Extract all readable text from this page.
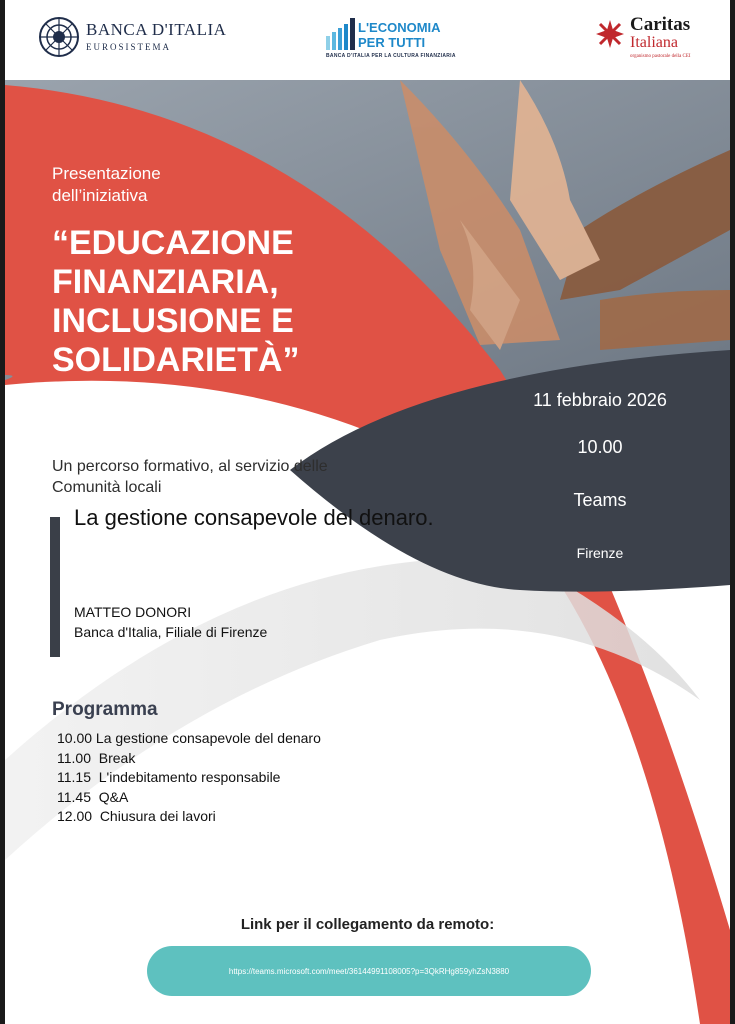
BANCA D'ITALIA
EUROSISTEMA
L'ECONOMIA
PER TUTTI
BANCA D'ITALIA PER LA CULTURA FINANZIARIA
Caritas
Italiana
organismo pastorale della CEI

Presentazione dell’iniziativa

“EDUCAZIONE FINANZIARIA, INCLUSIONE E SOLIDARIETÀ”
11 febbraio 2026
10.00
Teams
Firenze

Un percorso formativo, al servizio delle Comunità locali

La gestione consapevole del denaro.

MATTEO DONORI
Banca d'Italia, Filiale di Firenze
Programma
10.00 La gestione consapevole del denaro
11.00  Break
11.15  L'indebitamento responsabile
11.45  Q&A
12.00  Chiusura dei lavori
Link per il collegamento da remoto:
https://teams.microsoft.com/meet/36144991108005?p=3QkRHg859yhZsN3880
